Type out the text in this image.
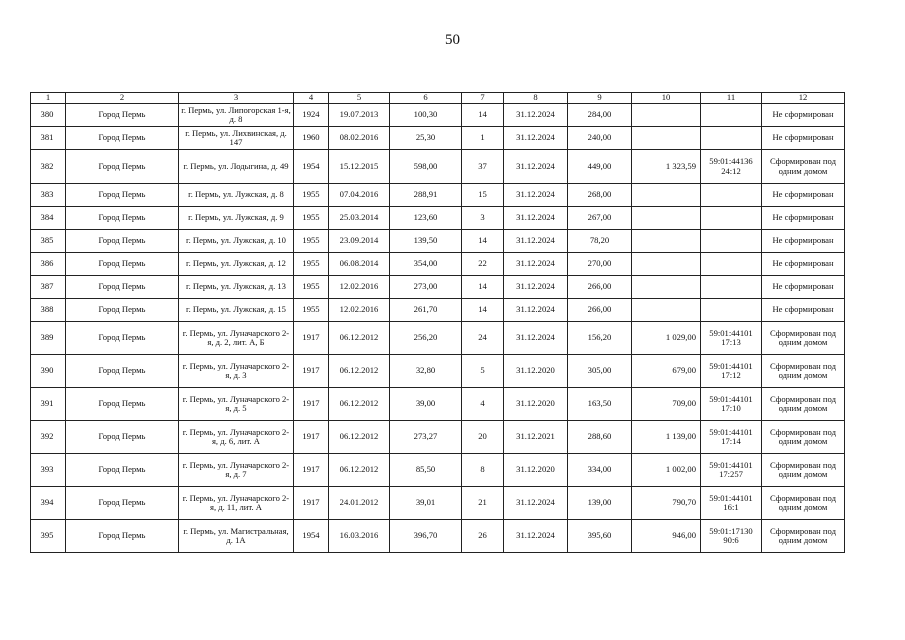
50
1	2	3	4	5	6	7	8	9	10	11	12
380	Город Пермь	г. Пермь, ул. Липогорская 1-я, д. 8	1924	19.07.2013	100,30	14	31.12.2024	284,00			Не сформирован
381	Город Пермь	г. Пермь, ул. Лихвинская, д. 147	1960	08.02.2016	25,30	1	31.12.2024	240,00			Не сформирован
382	Город Пермь	г. Пермь, ул. Лодыгина, д. 49	1954	15.12.2015	598,00	37	31.12.2024	449,00	1 323,59	59:01:44136 24:12	Сформирован под одним домом
383	Город Пермь	г. Пермь, ул. Лужская, д. 8	1955	07.04.2016	288,91	15	31.12.2024	268,00			Не сформирован
384	Город Пермь	г. Пермь, ул. Лужская, д. 9	1955	25.03.2014	123,60	3	31.12.2024	267,00			Не сформирован
385	Город Пермь	г. Пермь, ул. Лужская, д. 10	1955	23.09.2014	139,50	14	31.12.2024	78,20			Не сформирован
386	Город Пермь	г. Пермь, ул. Лужская, д. 12	1955	06.08.2014	354,00	22	31.12.2024	270,00			Не сформирован
387	Город Пермь	г. Пермь, ул. Лужская, д. 13	1955	12.02.2016	273,00	14	31.12.2024	266,00			Не сформирован
388	Город Пермь	г. Пермь, ул. Лужская, д. 15	1955	12.02.2016	261,70	14	31.12.2024	266,00			Не сформирован
389	Город Пермь	г. Пермь, ул. Луначарского 2-я, д. 2, лит. А, Б	1917	06.12.2012	256,20	24	31.12.2024	156,20	1 029,00	59:01:44101 17:13	Сформирован под одним домом
390	Город Пермь	г. Пермь, ул. Луначарского 2-я, д. 3	1917	06.12.2012	32,80	5	31.12.2020	305,00	679,00	59:01:44101 17:12	Сформирован под одним домом
391	Город Пермь	г. Пермь, ул. Луначарского 2-я, д. 5	1917	06.12.2012	39,00	4	31.12.2020	163,50	709,00	59:01:44101 17:10	Сформирован под одним домом
392	Город Пермь	г. Пермь, ул. Луначарского 2-я, д. 6, лит. А	1917	06.12.2012	273,27	20	31.12.2021	288,60	1 139,00	59:01:44101 17:14	Сформирован под одним домом
393	Город Пермь	г. Пермь, ул. Луначарского 2-я, д. 7	1917	06.12.2012	85,50	8	31.12.2020	334,00	1 002,00	59:01:44101 17:257	Сформирован под одним домом
394	Город Пермь	г. Пермь, ул. Луначарского 2-я, д. 11, лит. А	1917	24.01.2012	39,01	21	31.12.2024	139,00	790,70	59:01:44101 16:1	Сформирован под одним домом
395	Город Пермь	г. Пермь, ул. Магистральная, д. 1А	1954	16.03.2016	396,70	26	31.12.2024	395,60	946,00	59:01:17130 90:6	Сформирован под одним домом
